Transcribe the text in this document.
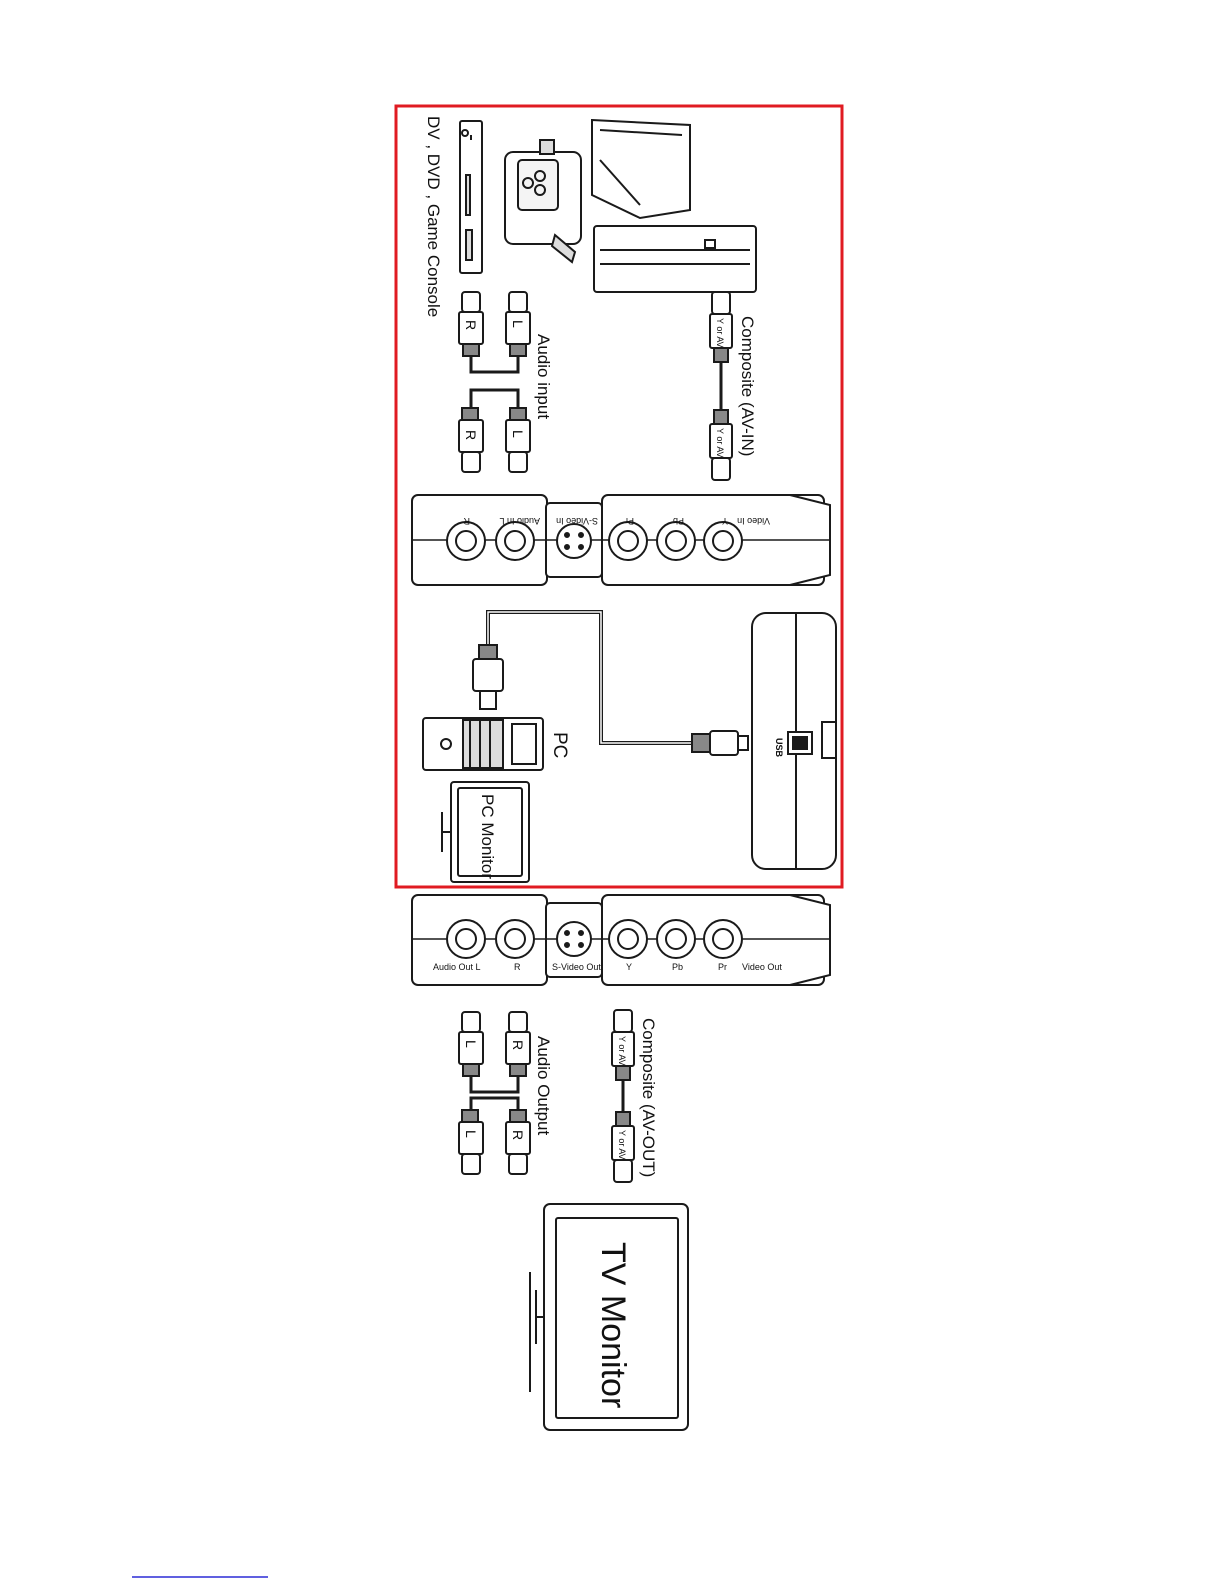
DV , DVD , Game Console
Y or AV
Y or AV Composite (AV-IN)
R L
R L
Audio input
Video In
Y
Pb
Pr
S-Video In
Audio In L
R
USB
PC
PC Monitor
Audio Out L	R	S-Video Out	Y	Pb	Pr Video Out
L R
L R Audio Output	Y or AV
Y or AV Composite (AV-OUT)
TV Monitor
